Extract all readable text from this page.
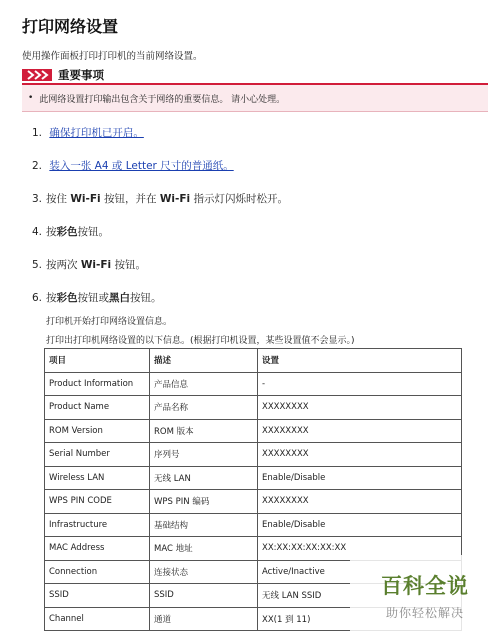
打印网络设置

使用操作面板打印打印机的当前网络设置。

重要事项
• 此网络设置打印输出包含关于网络的重要信息。 请小心处理。
1. 确保打印机已开启。
2. 装入一张 A4 或 Letter 尺寸的普通纸。
3. 按住 Wi-Fi 按钮，并在 Wi-Fi 指示灯闪烁时松开。
4. 按彩色按钮。
5. 按两次 Wi-Fi 按钮。
6. 按彩色按钮或黑白按钮。

打印机开始打印网络设置信息。

打印出打印机网络设置的以下信息。(根据打印机设置，某些设置值不会显示。)

项目	描述	设置
Product Information	产品信息	-
Product Name	产品名称	XXXXXXXX
ROM Version	ROM 版本	XXXXXXXX
Serial Number	序列号	XXXXXXXX
Wireless LAN	无线 LAN	Enable/Disable
WPS PIN CODE	WPS PIN 编码	XXXXXXXX
Infrastructure	基础结构	Enable/Disable
MAC Address	MAC 地址	XX:XX:XX:XX:XX:XX
Connection	连接状态	Active/Inactive
SSID	SSID	无线 LAN SSID
Channel	通道	XX(1 到 11)
百科全说
助你轻松解决
